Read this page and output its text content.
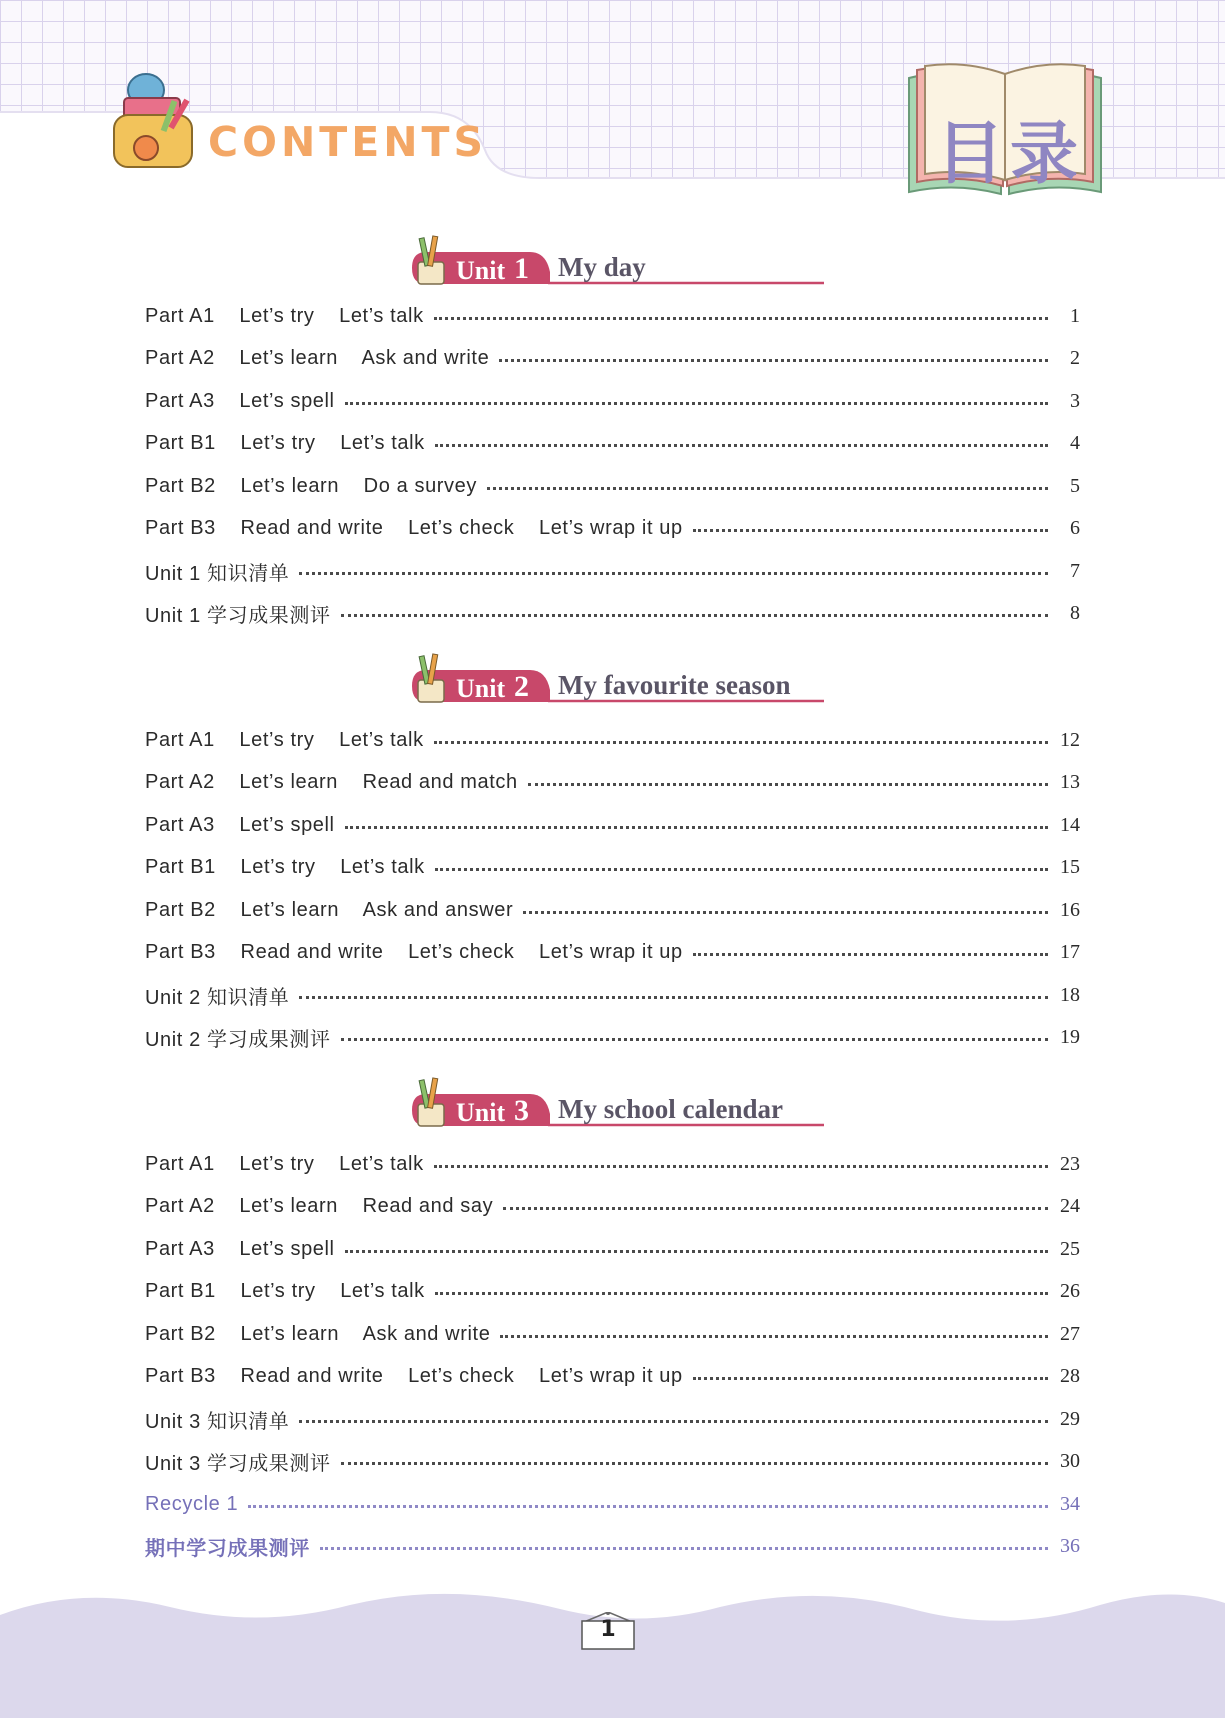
CONTENTS	目录
Unit 1 My day
Part A1    Let’s try    Let’s talk	1
Part A2    Let’s learn    Ask and write	2
Part A3    Let’s spell	3
Part B1    Let’s try    Let’s talk	4
Part B2    Let’s learn    Do a survey	5
Part B3    Read and write    Let’s check    Let’s wrap it up	6
Unit 1 知识清单	7
Unit 1 学习成果测评	8
Unit 2 My favourite season
Part A1    Let’s try    Let’s talk	12
Part A2    Let’s learn    Read and match	13
Part A3    Let’s spell	14
Part B1    Let’s try    Let’s talk	15
Part B2    Let’s learn    Ask and answer	16
Part B3    Read and write    Let’s check    Let’s wrap it up	17
Unit 2 知识清单	18
Unit 2 学习成果测评	19
Unit 3 My school calendar
Part A1    Let’s try    Let’s talk	23
Part A2    Let’s learn    Read and say	24
Part A3    Let’s spell	25
Part B1    Let’s try    Let’s talk	26
Part B2    Let’s learn    Ask and write	27
Part B3    Read and write    Let’s check    Let’s wrap it up	28
Unit 3 知识清单	29
Unit 3 学习成果测评	30
Recycle 1	34
期中学习成果测评	36
1
